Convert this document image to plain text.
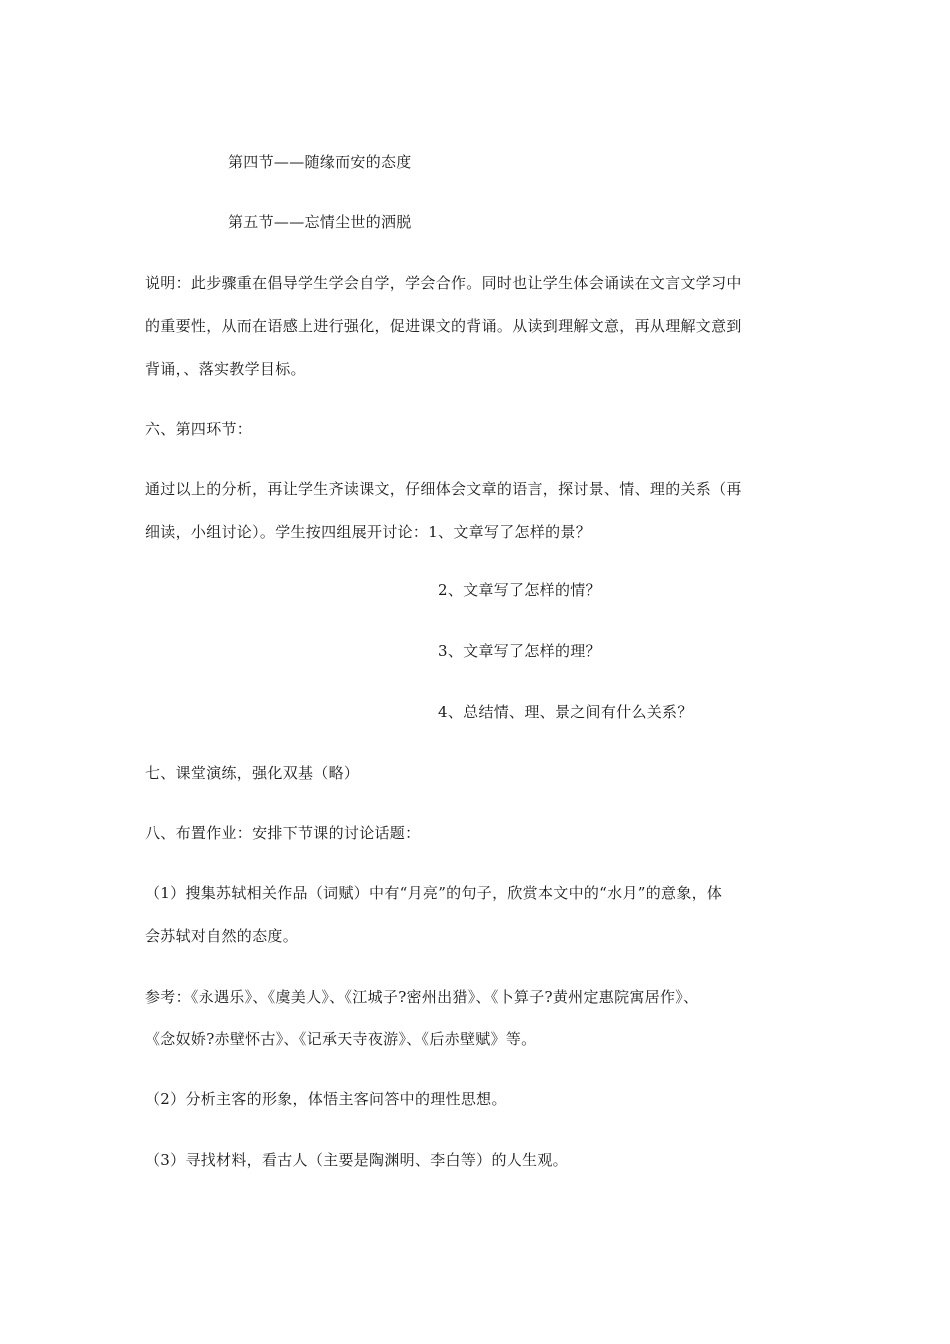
第四节——随缘而安的态度
第五节——忘情尘世的洒脱
说明：此步骤重在倡导学生学会自学，学会合作。同时也让学生体会诵读在文言文学习中
的重要性，从而在语感上进行强化，促进课文的背诵。从读到理解文意，再从理解文意到
背诵，、落实教学目标。
六、第四环节：
通过以上的分析，再让学生齐读课文，仔细体会文章的语言，探讨景、情、理的关系（再
细读，小组讨论）。学生按四组展开讨论：1、文章写了怎样的景？
2、文章写了怎样的情？
3、文章写了怎样的理？
4、总结情、理、景之间有什么关系？
七、课堂演练，强化双基（略）
八、布置作业：安排下节课的讨论话题：
（1）搜集苏轼相关作品（词赋）中有“月亮”的句子，欣赏本文中的“水月”的意象，体
会苏轼对自然的态度。
参考：《永遇乐》、《虞美人》、《江城子?密州出猎》、《卜算子?黄州定惠院寓居作》、
《念奴娇?赤壁怀古》、《记承天寺夜游》、《后赤壁赋》等。
（2）分析主客的形象，体悟主客问答中的理性思想。
（3）寻找材料，看古人（主要是陶渊明、李白等）的人生观。
